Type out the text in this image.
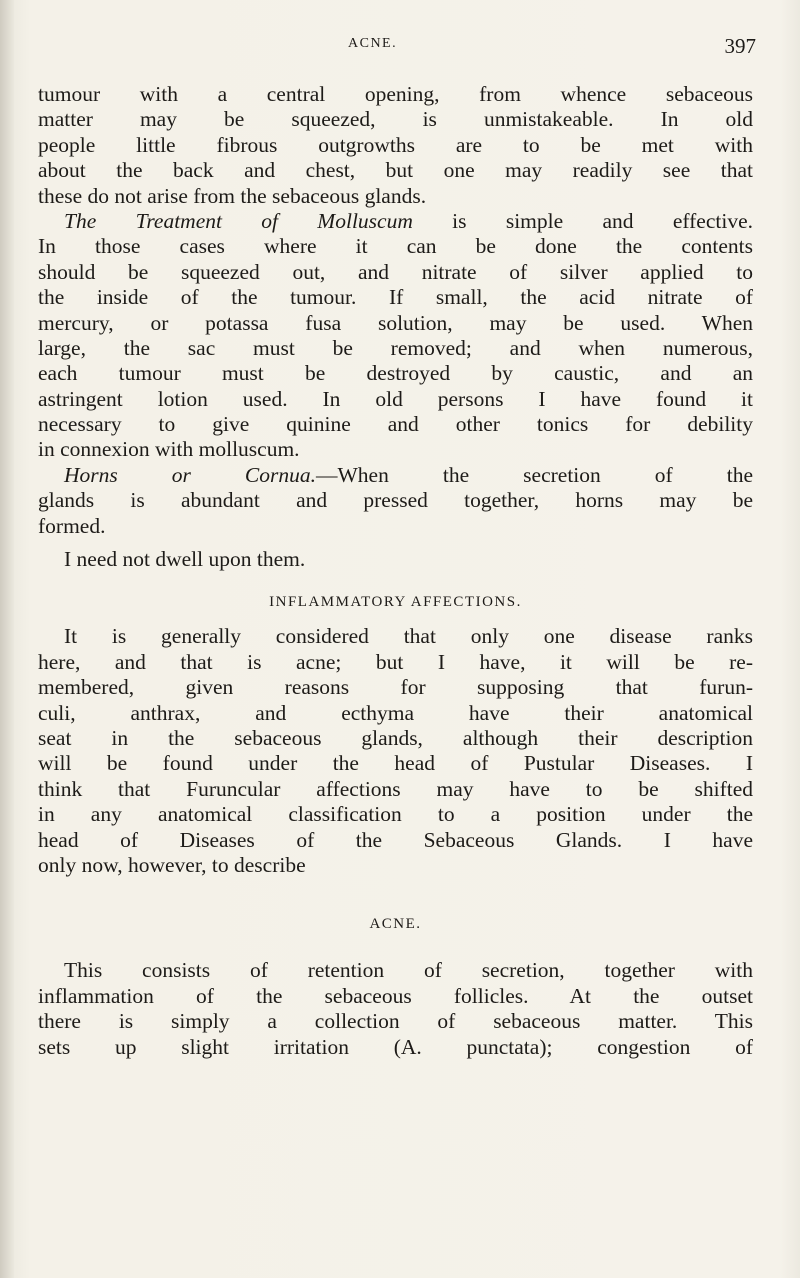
ACNE.	397
tumour with a central opening, from whence sebaceous
matter may be squeezed, is unmistakeable. In old
people little fibrous outgrowths are to be met with
about the back and chest, but one may readily see that
these do not arise from the sebaceous glands.
The Treatment of Molluscum is simple and effective.
In those cases where it can be done the contents
should be squeezed out, and nitrate of silver applied to
the inside of the tumour. If small, the acid nitrate of
mercury, or potassa fusa solution, may be used. When
large, the sac must be removed; and when numerous,
each tumour must be destroyed by caustic, and an
astringent lotion used. In old persons I have found it
necessary to give quinine and other tonics for debility
in connexion with molluscum.
Horns or Cornua.—When the secretion of the
glands is abundant and pressed together, horns may be
formed.
I need not dwell upon them.
INFLAMMATORY AFFECTIONS.
It is generally considered that only one disease ranks
here, and that is acne; but I have, it will be re-
membered, given reasons for supposing that furun-
culi, anthrax, and ecthyma have their anatomical
seat in the sebaceous glands, although their description
will be found under the head of Pustular Diseases. I
think that Furuncular affections may have to be shifted
in any anatomical classification to a position under the
head of Diseases of the Sebaceous Glands. I have
only now, however, to describe
ACNE.
This consists of retention of secretion, together with
inflammation of the sebaceous follicles. At the outset
there is simply a collection of sebaceous matter. This
sets up slight irritation (A. punctata); congestion of
